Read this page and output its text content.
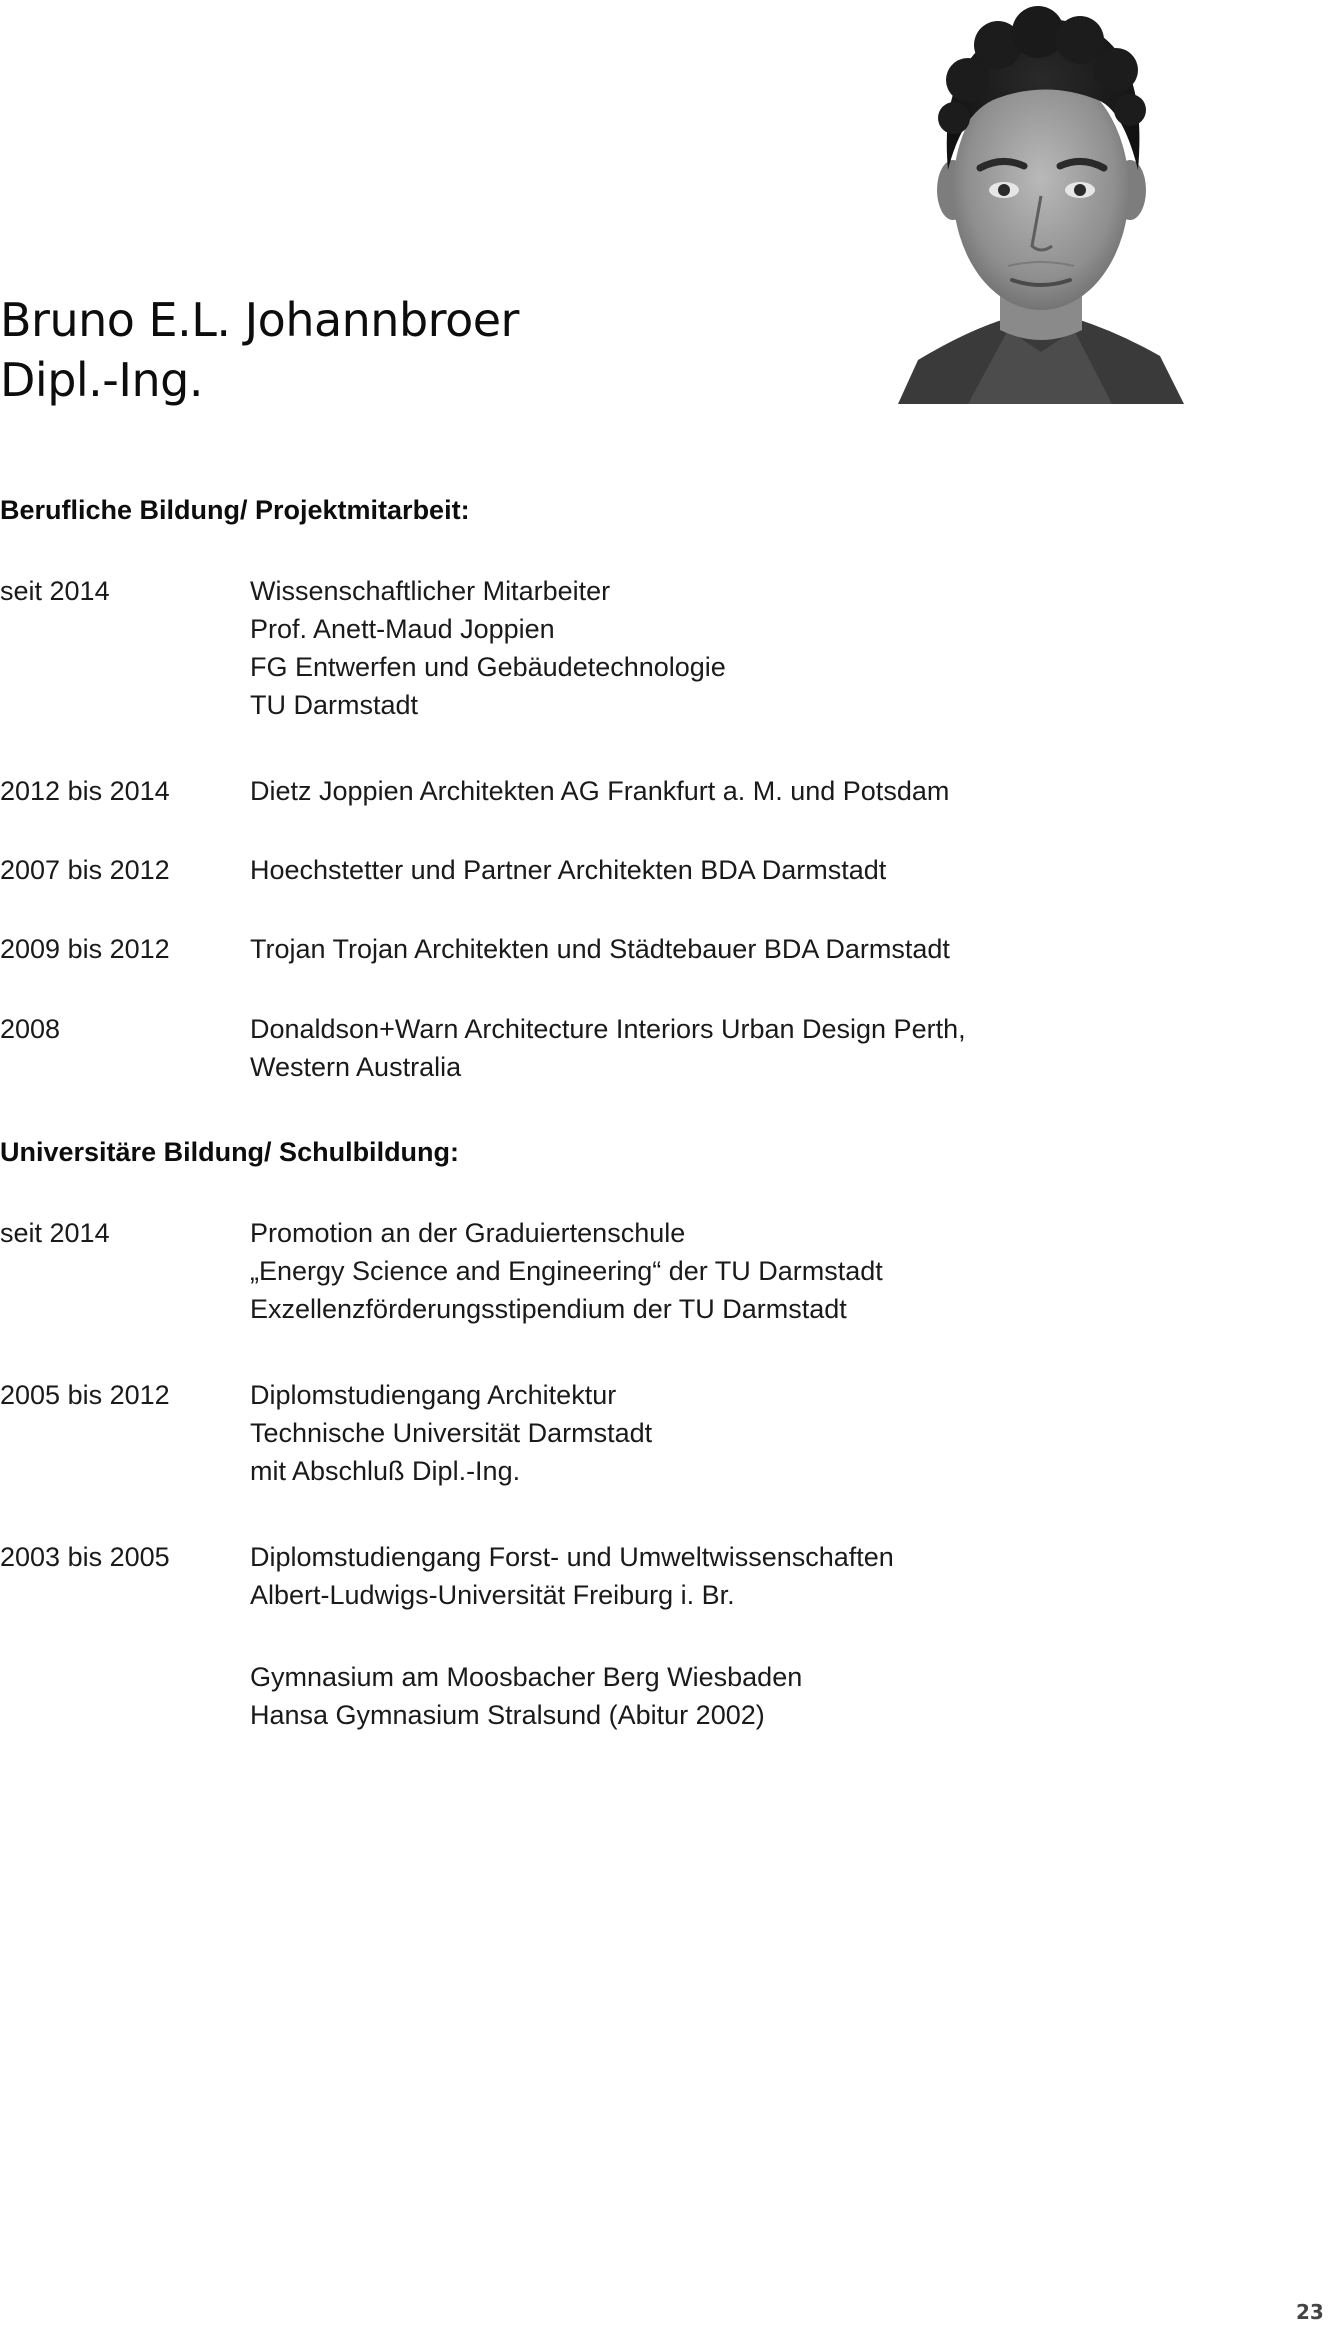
Bruno E.L. Johannbroer
Dipl.-Ing.
Berufliche Bildung/ Projektmitarbeit:
seit 2014	Wissenschaftlicher Mitarbeiter
Prof. Anett-Maud Joppien
FG Entwerfen und Gebäudetechnologie
TU Darmstadt
2012 bis 2014	Dietz Joppien Architekten AG Frankfurt a. M. und Potsdam
2007 bis 2012	Hoechstetter und Partner Architekten BDA Darmstadt
2009 bis 2012	Trojan Trojan Architekten und Städtebauer BDA Darmstadt
2008	Donaldson+Warn Architecture Interiors Urban Design Perth,
Western Australia
Universitäre Bildung/ Schulbildung:
seit 2014	Promotion an der Graduiertenschule
„Energy Science and Engineering“ der TU Darmstadt
Exzellenzförderungsstipendium der TU Darmstadt
2005 bis 2012	Diplomstudiengang Architektur
Technische Universität Darmstadt
mit Abschluß Dipl.-Ing.
2003 bis 2005	Diplomstudiengang Forst- und Umweltwissenschaften
Albert-Ludwigs-Universität Freiburg i. Br.
Gymnasium am Moosbacher Berg Wiesbaden
Hansa Gymnasium Stralsund (Abitur 2002)
23
